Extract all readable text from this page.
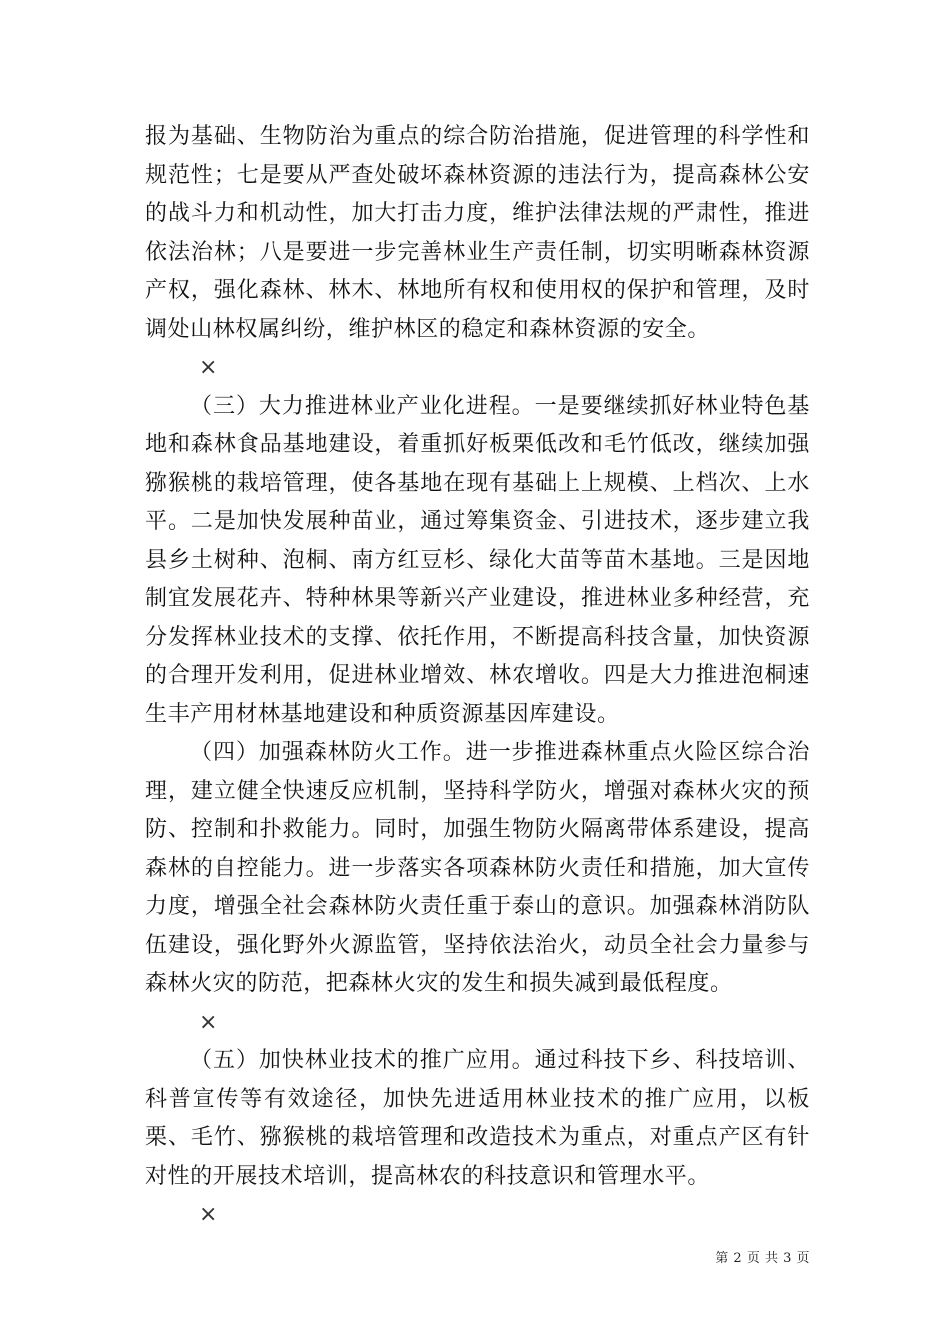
报为基础、生物防治为重点的综合防治措施，促进管理的科学性和规范性；七是要从严查处破坏森林资源的违法行为，提高森林公安的战斗力和机动性，加大打击力度，维护法律法规的严肃性，推进依法治林；八是要进一步完善林业生产责任制，切实明晰森林资源产权，强化森林、林木、林地所有权和使用权的保护和管理，及时调处山林权属纠纷，维护林区的稳定和森林资源的安全。

×

（三）大力推进林业产业化进程。一是要继续抓好林业特色基地和森林食品基地建设，着重抓好板栗低改和毛竹低改，继续加强猕猴桃的栽培管理，使各基地在现有基础上上规模、上档次、上水平。二是加快发展种苗业，通过筹集资金、引进技术，逐步建立我县乡土树种、泡桐、南方红豆杉、绿化大苗等苗木基地。三是因地制宜发展花卉、特种林果等新兴产业建设，推进林业多种经营，充分发挥林业技术的支撑、依托作用，不断提高科技含量，加快资源的合理开发利用，促进林业增效、林农增收。四是大力推进泡桐速生丰产用材林基地建设和种质资源基因库建设。

（四）加强森林防火工作。进一步推进森林重点火险区综合治理，建立健全快速反应机制，坚持科学防火，增强对森林火灾的预防、控制和扑救能力。同时，加强生物防火隔离带体系建设，提高森林的自控能力。进一步落实各项森林防火责任和措施，加大宣传力度，增强全社会森林防火责任重于泰山的意识。加强森林消防队伍建设，强化野外火源监管，坚持依法治火，动员全社会力量参与森林火灾的防范，把森林火灾的发生和损失减到最低程度。

×

（五）加快林业技术的推广应用。通过科技下乡、科技培训、科普宣传等有效途径，加快先进适用林业技术的推广应用，以板栗、毛竹、猕猴桃的栽培管理和改造技术为重点，对重点产区有针对性的开展技术培训，提高林农的科技意识和管理水平。

×
第 2 页 共 3 页
